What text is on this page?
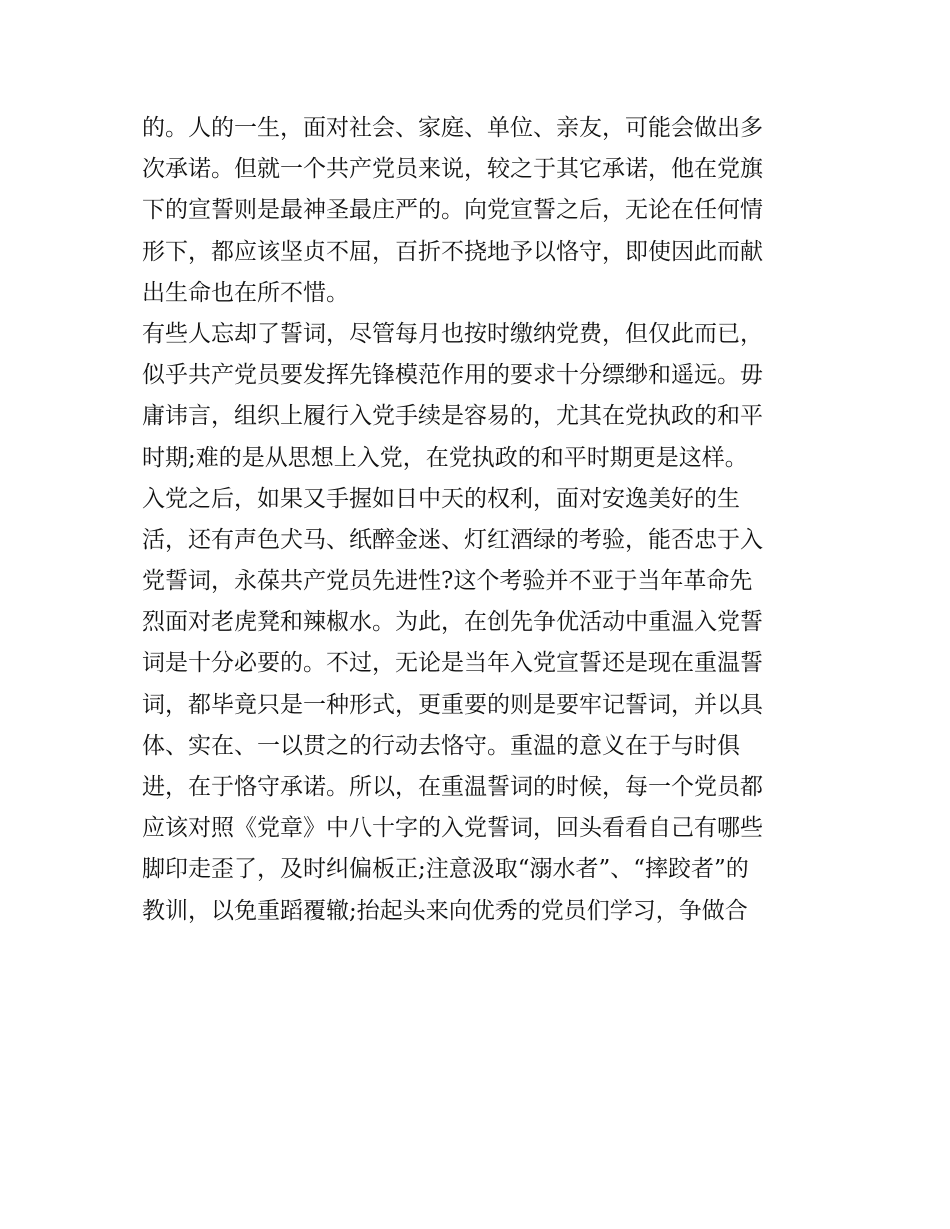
的。人的一生，面对社会、家庭、单位、亲友，可能会做出多
次承诺。但就一个共产党员来说，较之于其它承诺，他在党旗
下的宣誓则是最神圣最庄严的。向党宣誓之后，无论在任何情
形下，都应该坚贞不屈，百折不挠地予以恪守，即使因此而献
出生命也在所不惜。
有些人忘却了誓词，尽管每月也按时缴纳党费，但仅此而已，
似乎共产党员要发挥先锋模范作用的要求十分缥缈和遥远。毋
庸讳言，组织上履行入党手续是容易的，尤其在党执政的和平
时期;难的是从思想上入党，在党执政的和平时期更是这样。
入党之后，如果又手握如日中天的权利，面对安逸美好的生
活，还有声色犬马、纸醉金迷、灯红酒绿的考验，能否忠于入
党誓词，永葆共产党员先进性?这个考验并不亚于当年革命先
烈面对老虎凳和辣椒水。为此，在创先争优活动中重温入党誓
词是十分必要的。不过，无论是当年入党宣誓还是现在重温誓
词，都毕竟只是一种形式，更重要的则是要牢记誓词，并以具
体、实在、一以贯之的行动去恪守。重温的意义在于与时俱
进，在于恪守承诺。所以，在重温誓词的时候，每一个党员都
应该对照《党章》中八十字的入党誓词，回头看看自己有哪些
脚印走歪了，及时纠偏板正;注意汲取“溺水者”、“摔跤者”的
教训，以免重蹈覆辙;抬起头来向优秀的党员们学习，争做合
